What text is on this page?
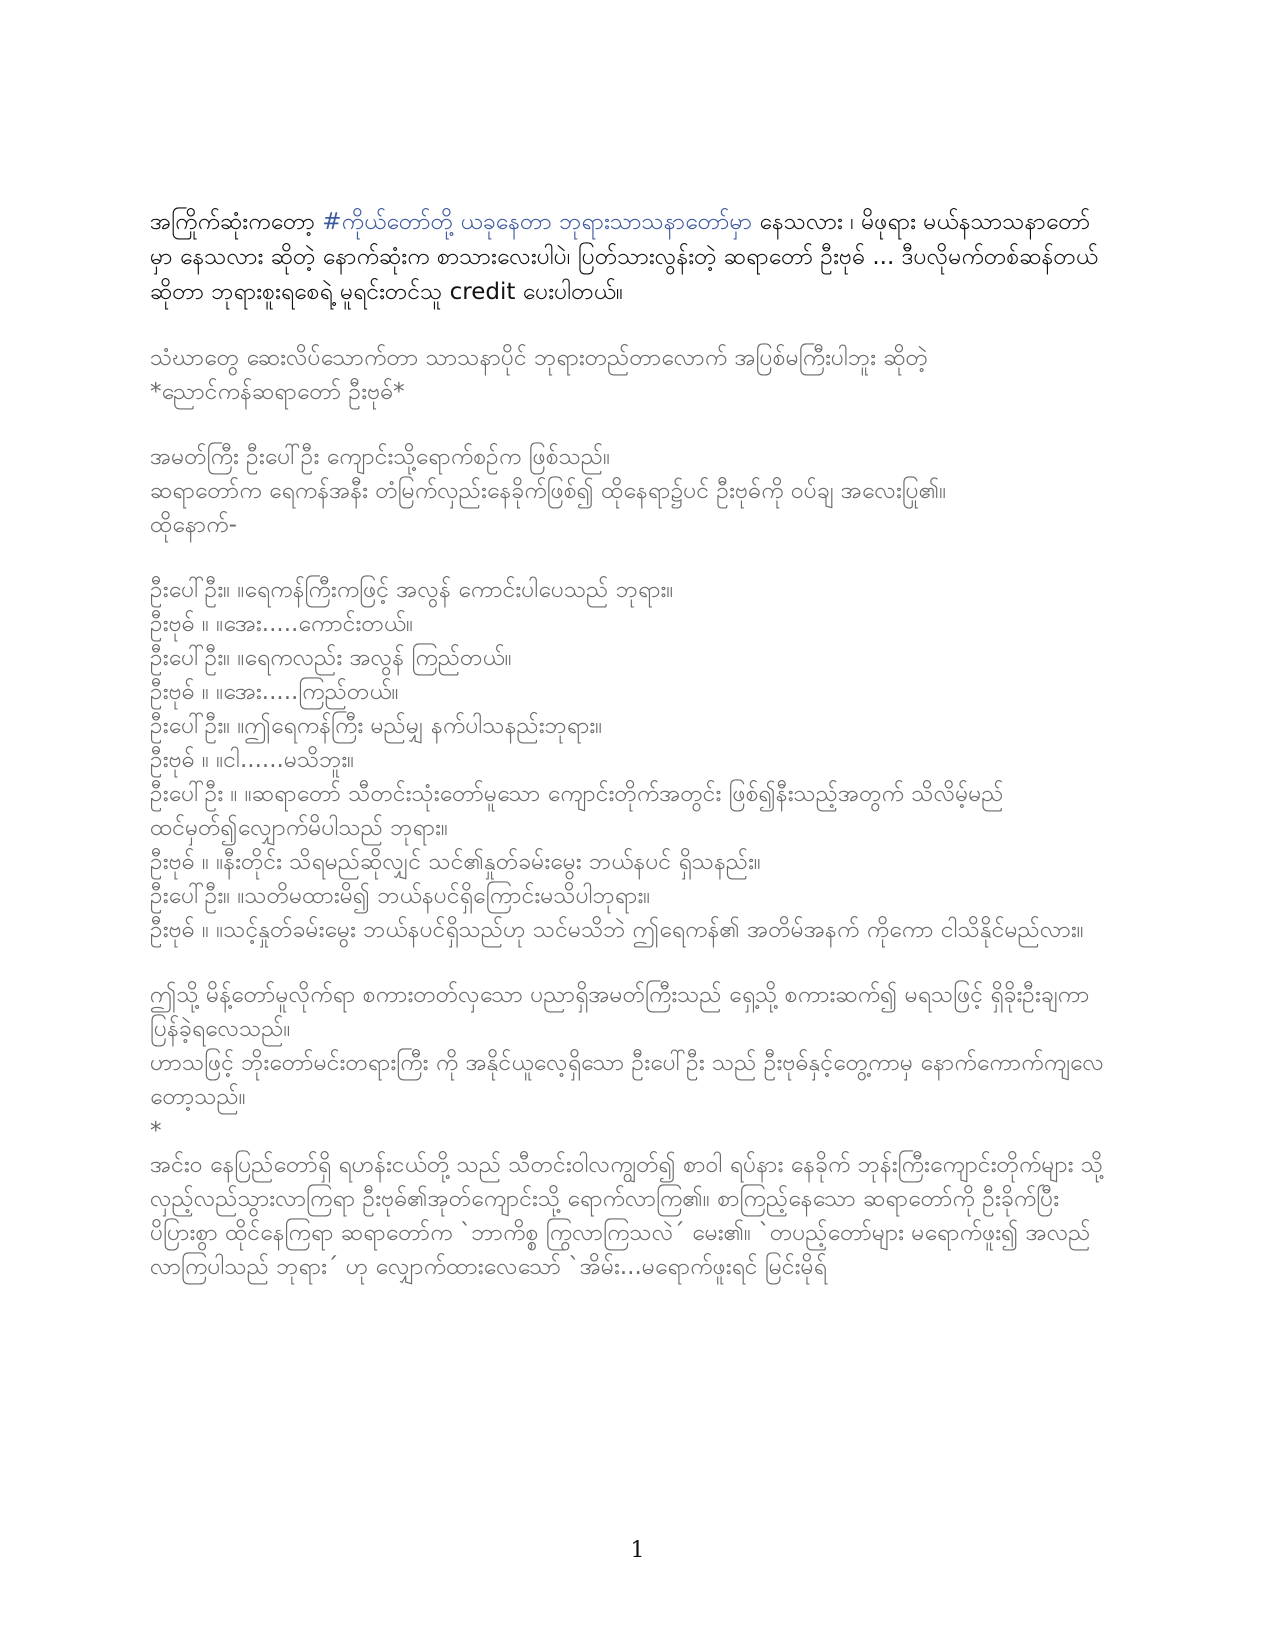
အကြိုက်ဆုံးကတော့ #ကိုယ်တော်တို့ ယခုနေတာ ဘုရားသာသနာတော်မှာ နေသလား ၊ မိဖုရား မယ်နသာသနာတော်မှာ နေသလား ဆိုတဲ့ နောက်ဆုံးက စာသားလေးပါပဲ၊ ပြတ်သားလွန်းတဲ့ ဆရာတော် ဦးဗုဓ် ... ဒီပလိုမက်တစ်ဆန်တယ်ဆိုတာ ဘုရားစူးရစေရဲ့ မူရင်းတင်သူ credit ပေးပါတယ်။

သံဃာတွေ ဆေးလိပ်သောက်တာ သာသနာပိုင် ဘုရားတည်တာလောက် အပြစ်မကြီးပါဘူး ဆိုတဲ့
*ညောင်ကန်ဆရာတော် ဦးဗုဓ်*

အမတ်ကြီး ဦးပေါ်ဦး ကျောင်းသို့ရောက်စဉ်က ဖြစ်သည်။
ဆရာတော်က ရေကန်အနီး တံမြက်လှည်းနေခိုက်ဖြစ်၍ ထိုနေရာ၌ပင် ဦးဗုဓ်ကို ဝပ်ချ အလေးပြု၏။
ထိုနောက်-

ဦးပေါ်ဦး။ ။ရေကန်ကြီးကဖြင့် အလွန် ကောင်းပါပေသည် ဘုရား။
ဦးဗုဓ် ။ ။အေး.....ကောင်းတယ်။
ဦးပေါ်ဦး။ ။ရေကလည်း အလွန် ကြည်တယ်။
ဦးဗုဓ် ။ ။အေး.....ကြည်တယ်။
ဦးပေါ်ဦး။ ။ဤရေကန်ကြီး မည်မျှ နက်ပါသနည်းဘုရား။
ဦးဗုဓ် ။ ။ငါ......မသိဘူး။
ဦးပေါ်ဦး ။ ။ဆရာတော် သီတင်းသုံးတော်မူသော ကျောင်းတိုက်အတွင်း ဖြစ်၍နီးသည့်အတွက် သိလိမ့်မည် ထင်မှတ်၍လျှောက်မိပါသည် ဘုရား။
ဦးဗုဓ် ။ ။နီးတိုင်း သိရမည်ဆိုလျှင် သင်၏နှုတ်ခမ်းမွေး ဘယ်နပင် ရှိသနည်း။
ဦးပေါ်ဦး။ ။သတိမထားမိ၍ ဘယ်နပင်ရှိကြောင်းမသိပါဘုရား။
ဦးဗုဓ် ။ ။သင့်နှုတ်ခမ်းမွေး ဘယ်နပင်ရှိသည်ဟု သင်မသိဘဲ ဤရေကန်၏ အတိမ်အနက် ကိုကော ငါသိနိုင်မည်လား။

ဤသို့ မိန့်တော်မူလိုက်ရာ စကားတတ်လှသော ပညာရှိအမတ်ကြီးသည် ရှေ့သို့ စကားဆက်၍ မရသဖြင့် ရှိခိုးဦးချကာ ပြန်ခဲ့ရလေသည်။
ဟာသဖြင့် ဘိုးတော်မင်းတရားကြီး ကို အနိုင်ယူလေ့ရှိသော ဦးပေါ်ဦး သည် ဦးဗုဓ်နှင့်တွေ့ကာမှ နောက်ကောက်ကျလေတော့သည်။
*

အင်းဝ နေပြည်တော်ရှိ ရဟန်းငယ်တို့ သည် သီတင်းဝါလကျွတ်၍ စာဝါ ရပ်နား နေခိုက် ဘုန်းကြီးကျောင်းတိုက်များ သို့ လှည့်လည်သွားလာကြရာ ဦးဗုဓ်၏အုတ်ကျောင်းသို့ ရောက်လာကြ၏။ စာကြည့်နေသော ဆရာတော်ကို ဦးခိုက်ပြီး ပိပြားစွာ ထိုင်နေကြရာ ဆရာတော်က `ဘာကိစ္စ ကြွလာကြသလဲ´ မေး၏။ `တပည့်တော်များ မရောက်ဖူး၍ အလည်လာကြပါသည် ဘုရား´ ဟု လျှောက်ထားလေသော် `အိမ်း...မရောက်ဖူးရင် မြင်းမိုရ်

1
